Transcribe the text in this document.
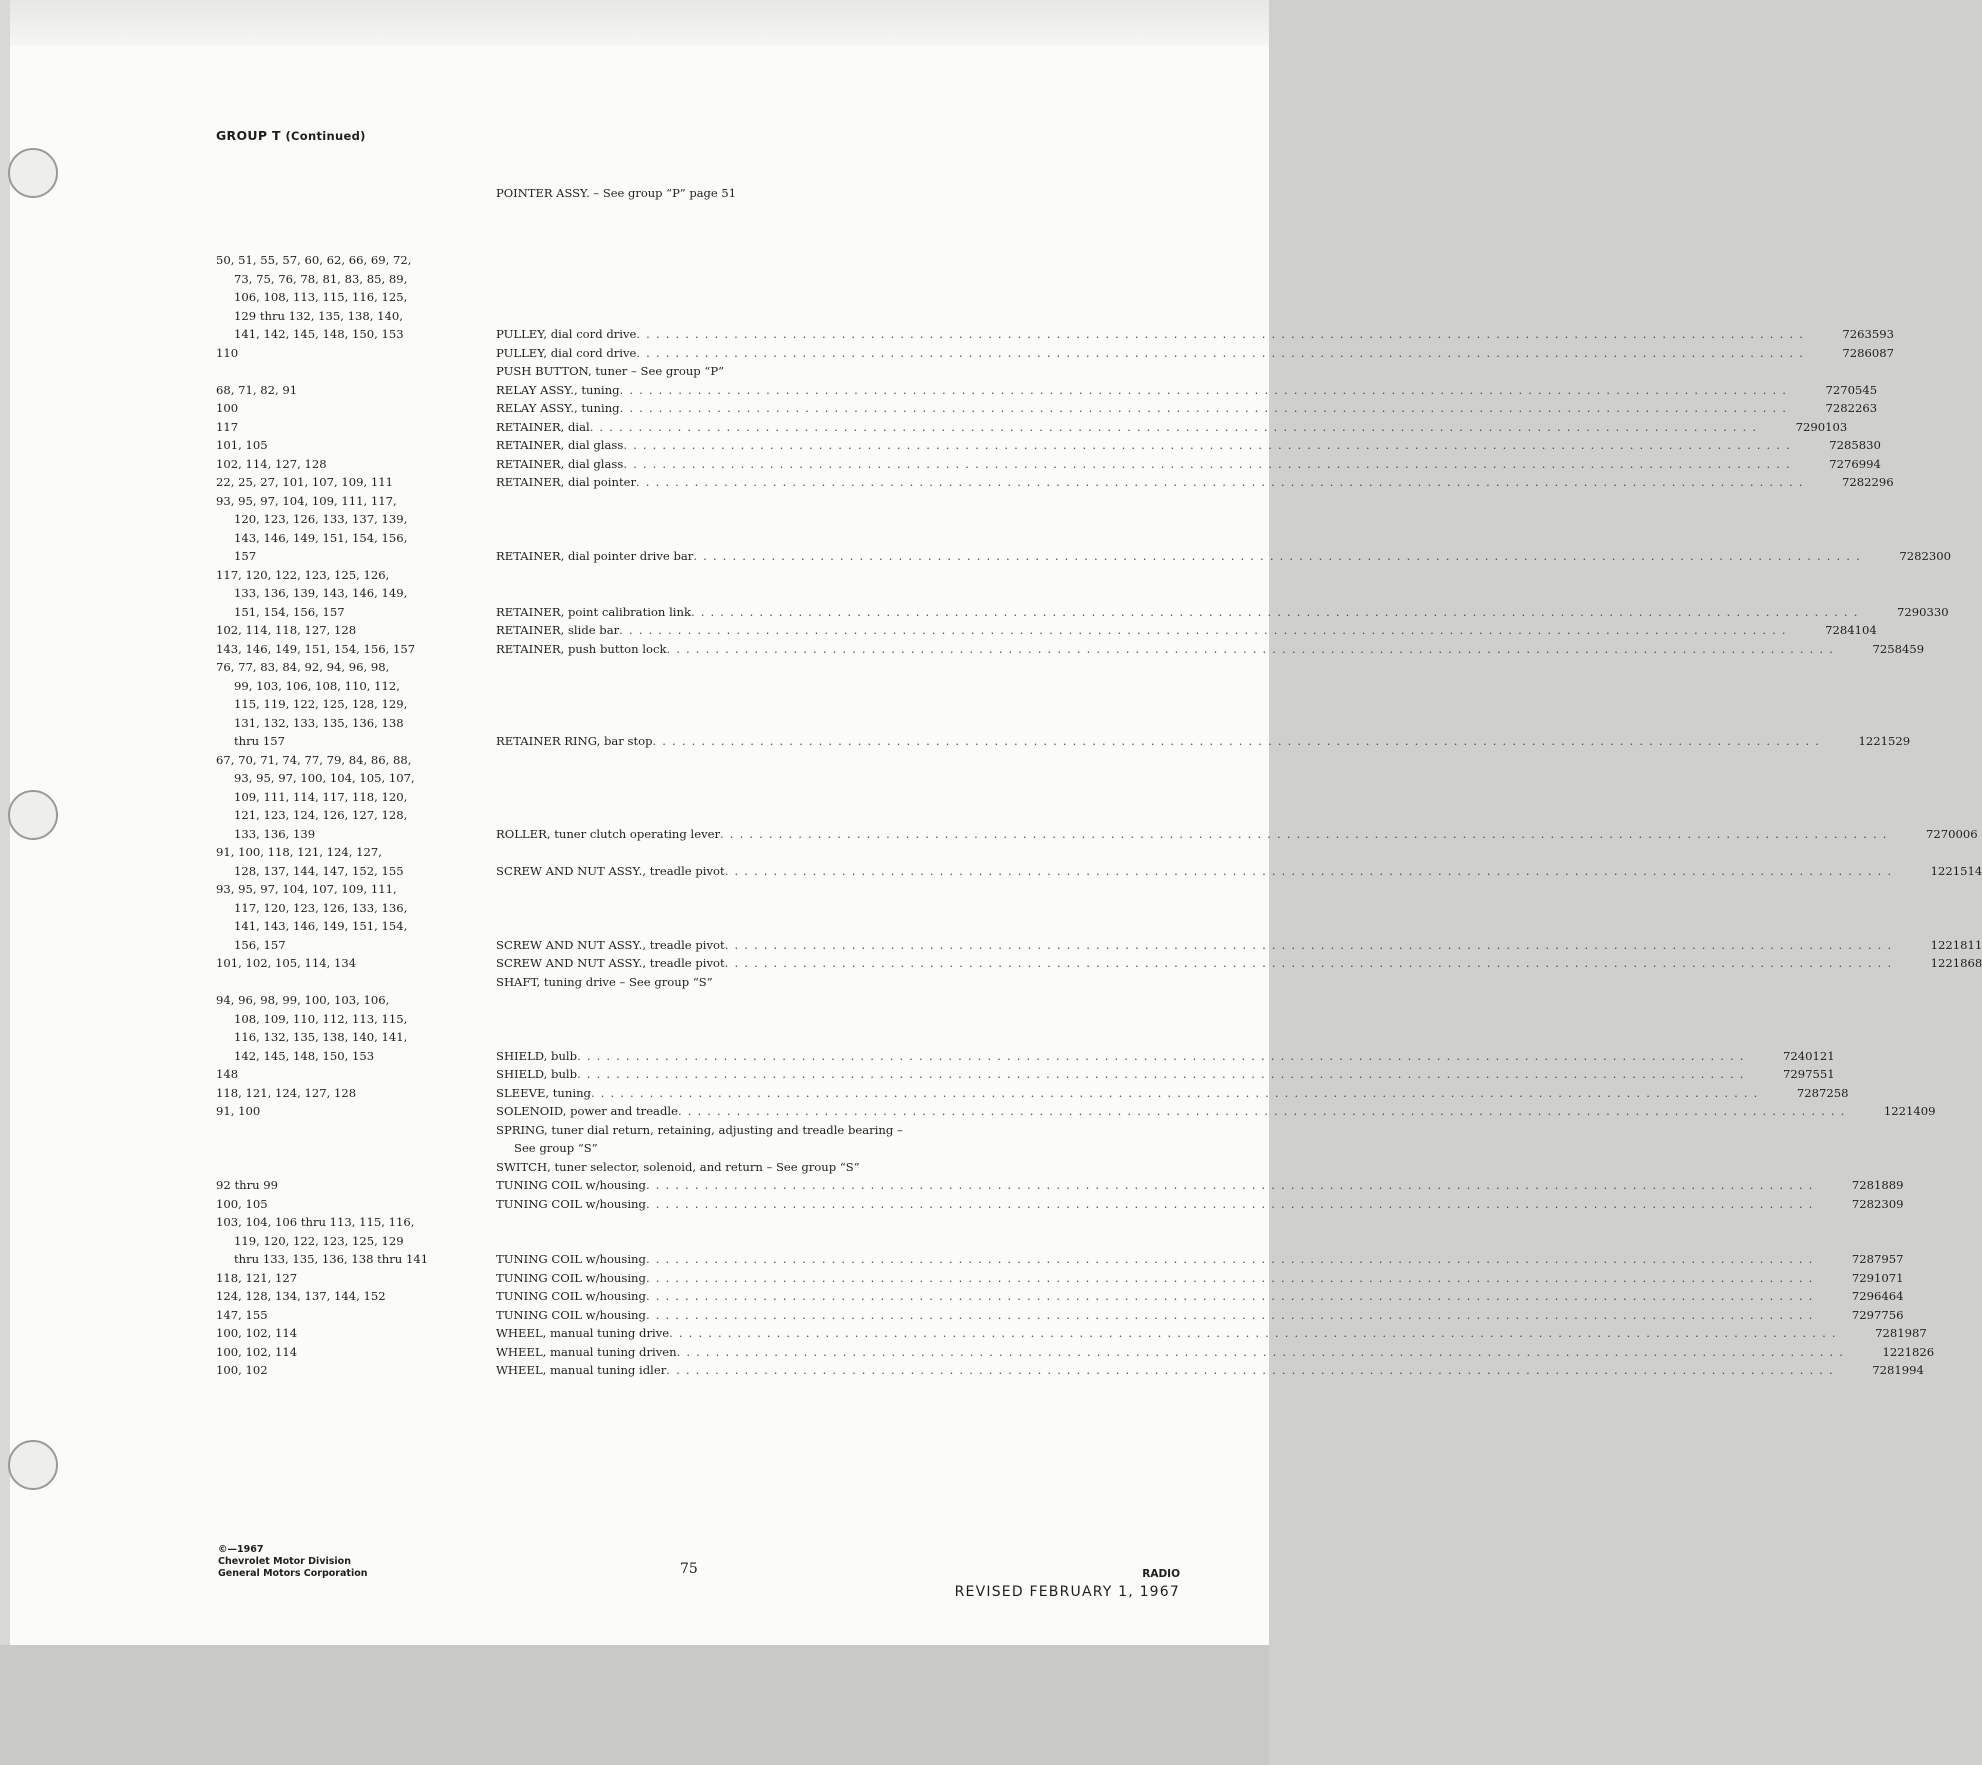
GROUP T (Continued)
POINTER ASSY. – See group “P” page 51
50, 51, 55, 57, 60, 62, 66, 69, 72,
73, 75, 76, 78, 81, 83, 85, 89,
106, 108, 113, 115, 116, 125,
129 thru 132, 135, 138, 140,
141, 142, 145, 148, 150, 153	PULLEY, dial cord drive . . . . . . . . . . . . . . . . . . . . . . . . . . . . . . . . . . . . . . . . . . . . . . . . . . . . . . . . . . . . . . . . . . . . . . . . . . . . . . . . . . . . . . . . . . . . . . . . . . . . . . . . . . . . . . . . . . . . . . . .	7263593
110	PULLEY, dial cord drive . . . . . . . . . . . . . . . . . . . . . . . . . . . . . . . . . . . . . . . . . . . . . . . . . . . . . . . . . . . . . . . . . . . . . . . . . . . . . . . . . . . . . . . . . . . . . . . . . . . . . . . . . . . . . . . . . . . . . . . .	7286087
PUSH BUTTON, tuner – See group “P”
68, 71, 82, 91	RELAY ASSY., tuning . . . . . . . . . . . . . . . . . . . . . . . . . . . . . . . . . . . . . . . . . . . . . . . . . . . . . . . . . . . . . . . . . . . . . . . . . . . . . . . . . . . . . . . . . . . . . . . . . . . . . . . . . . . . . . . . . . . . . . . .	7270545
100	RELAY ASSY., tuning . . . . . . . . . . . . . . . . . . . . . . . . . . . . . . . . . . . . . . . . . . . . . . . . . . . . . . . . . . . . . . . . . . . . . . . . . . . . . . . . . . . . . . . . . . . . . . . . . . . . . . . . . . . . . . . . . . . . . . . .	7282263
117	RETAINER, dial . . . . . . . . . . . . . . . . . . . . . . . . . . . . . . . . . . . . . . . . . . . . . . . . . . . . . . . . . . . . . . . . . . . . . . . . . . . . . . . . . . . . . . . . . . . . . . . . . . . . . . . . . . . . . . . . . . . . . . . .	7290103
101, 105	RETAINER, dial glass . . . . . . . . . . . . . . . . . . . . . . . . . . . . . . . . . . . . . . . . . . . . . . . . . . . . . . . . . . . . . . . . . . . . . . . . . . . . . . . . . . . . . . . . . . . . . . . . . . . . . . . . . . . . . . . . . . . . . . . .	7285830
102, 114, 127, 128	RETAINER, dial glass . . . . . . . . . . . . . . . . . . . . . . . . . . . . . . . . . . . . . . . . . . . . . . . . . . . . . . . . . . . . . . . . . . . . . . . . . . . . . . . . . . . . . . . . . . . . . . . . . . . . . . . . . . . . . . . . . . . . . . . .	7276994
22, 25, 27, 101, 107, 109, 111	RETAINER, dial pointer . . . . . . . . . . . . . . . . . . . . . . . . . . . . . . . . . . . . . . . . . . . . . . . . . . . . . . . . . . . . . . . . . . . . . . . . . . . . . . . . . . . . . . . . . . . . . . . . . . . . . . . . . . . . . . . . . . . . . . . .	7282296
93, 95, 97, 104, 109, 111, 117,
120, 123, 126, 133, 137, 139,
143, 146, 149, 151, 154, 156,
157	RETAINER, dial pointer drive bar . . . . . . . . . . . . . . . . . . . . . . . . . . . . . . . . . . . . . . . . . . . . . . . . . . . . . . . . . . . . . . . . . . . . . . . . . . . . . . . . . . . . . . . . . . . . . . . . . . . . . . . . . . . . . . . . . . . . . . . .	7282300
117, 120, 122, 123, 125, 126,
133, 136, 139, 143, 146, 149,
151, 154, 156, 157	RETAINER, point calibration link . . . . . . . . . . . . . . . . . . . . . . . . . . . . . . . . . . . . . . . . . . . . . . . . . . . . . . . . . . . . . . . . . . . . . . . . . . . . . . . . . . . . . . . . . . . . . . . . . . . . . . . . . . . . . . . . . . . . . . . .	7290330
102, 114, 118, 127, 128	RETAINER, slide bar . . . . . . . . . . . . . . . . . . . . . . . . . . . . . . . . . . . . . . . . . . . . . . . . . . . . . . . . . . . . . . . . . . . . . . . . . . . . . . . . . . . . . . . . . . . . . . . . . . . . . . . . . . . . . . . . . . . . . . . .	7284104
143, 146, 149, 151, 154, 156, 157	RETAINER, push button lock . . . . . . . . . . . . . . . . . . . . . . . . . . . . . . . . . . . . . . . . . . . . . . . . . . . . . . . . . . . . . . . . . . . . . . . . . . . . . . . . . . . . . . . . . . . . . . . . . . . . . . . . . . . . . . . . . . . . . . . .	7258459
76, 77, 83, 84, 92, 94, 96, 98,
99, 103, 106, 108, 110, 112,
115, 119, 122, 125, 128, 129,
131, 132, 133, 135, 136, 138
thru 157	RETAINER RING, bar stop . . . . . . . . . . . . . . . . . . . . . . . . . . . . . . . . . . . . . . . . . . . . . . . . . . . . . . . . . . . . . . . . . . . . . . . . . . . . . . . . . . . . . . . . . . . . . . . . . . . . . . . . . . . . . . . . . . . . . . . .	1221529
67, 70, 71, 74, 77, 79, 84, 86, 88,
93, 95, 97, 100, 104, 105, 107,
109, 111, 114, 117, 118, 120,
121, 123, 124, 126, 127, 128,
133, 136, 139	ROLLER, tuner clutch operating lever . . . . . . . . . . . . . . . . . . . . . . . . . . . . . . . . . . . . . . . . . . . . . . . . . . . . . . . . . . . . . . . . . . . . . . . . . . . . . . . . . . . . . . . . . . . . . . . . . . . . . . . . . . . . . . . . . . . . . . . .	7270006
91, 100, 118, 121, 124, 127,
128, 137, 144, 147, 152, 155	SCREW AND NUT ASSY., treadle pivot . . . . . . . . . . . . . . . . . . . . . . . . . . . . . . . . . . . . . . . . . . . . . . . . . . . . . . . . . . . . . . . . . . . . . . . . . . . . . . . . . . . . . . . . . . . . . . . . . . . . . . . . . . . . . . . . . . . . . . . .	1221514
93, 95, 97, 104, 107, 109, 111,
117, 120, 123, 126, 133, 136,
141, 143, 146, 149, 151, 154,
156, 157	SCREW AND NUT ASSY., treadle pivot . . . . . . . . . . . . . . . . . . . . . . . . . . . . . . . . . . . . . . . . . . . . . . . . . . . . . . . . . . . . . . . . . . . . . . . . . . . . . . . . . . . . . . . . . . . . . . . . . . . . . . . . . . . . . . . . . . . . . . . .	1221811
101, 102, 105, 114, 134	SCREW AND NUT ASSY., treadle pivot . . . . . . . . . . . . . . . . . . . . . . . . . . . . . . . . . . . . . . . . . . . . . . . . . . . . . . . . . . . . . . . . . . . . . . . . . . . . . . . . . . . . . . . . . . . . . . . . . . . . . . . . . . . . . . . . . . . . . . . .	1221868
SHAFT, tuning drive – See group “S”
94, 96, 98, 99, 100, 103, 106,
108, 109, 110, 112, 113, 115,
116, 132, 135, 138, 140, 141,
142, 145, 148, 150, 153	SHIELD, bulb . . . . . . . . . . . . . . . . . . . . . . . . . . . . . . . . . . . . . . . . . . . . . . . . . . . . . . . . . . . . . . . . . . . . . . . . . . . . . . . . . . . . . . . . . . . . . . . . . . . . . . . . . . . . . . . . . . . . . . . .	7240121
148	SHIELD, bulb . . . . . . . . . . . . . . . . . . . . . . . . . . . . . . . . . . . . . . . . . . . . . . . . . . . . . . . . . . . . . . . . . . . . . . . . . . . . . . . . . . . . . . . . . . . . . . . . . . . . . . . . . . . . . . . . . . . . . . . .	7297551
118, 121, 124, 127, 128	SLEEVE, tuning . . . . . . . . . . . . . . . . . . . . . . . . . . . . . . . . . . . . . . . . . . . . . . . . . . . . . . . . . . . . . . . . . . . . . . . . . . . . . . . . . . . . . . . . . . . . . . . . . . . . . . . . . . . . . . . . . . . . . . . .	7287258
91, 100	SOLENOID, power and treadle . . . . . . . . . . . . . . . . . . . . . . . . . . . . . . . . . . . . . . . . . . . . . . . . . . . . . . . . . . . . . . . . . . . . . . . . . . . . . . . . . . . . . . . . . . . . . . . . . . . . . . . . . . . . . . . . . . . . . . . .	1221409
SPRING, tuner dial return, retaining, adjusting and treadle bearing –
See group “S”
SWITCH, tuner selector, solenoid, and return – See group “S”
92 thru 99	TUNING COIL w/housing . . . . . . . . . . . . . . . . . . . . . . . . . . . . . . . . . . . . . . . . . . . . . . . . . . . . . . . . . . . . . . . . . . . . . . . . . . . . . . . . . . . . . . . . . . . . . . . . . . . . . . . . . . . . . . . . . . . . . . . .	7281889
100, 105	TUNING COIL w/housing . . . . . . . . . . . . . . . . . . . . . . . . . . . . . . . . . . . . . . . . . . . . . . . . . . . . . . . . . . . . . . . . . . . . . . . . . . . . . . . . . . . . . . . . . . . . . . . . . . . . . . . . . . . . . . . . . . . . . . . .	7282309
103, 104, 106 thru 113, 115, 116,
119, 120, 122, 123, 125, 129
thru 133, 135, 136, 138 thru 141	TUNING COIL w/housing . . . . . . . . . . . . . . . . . . . . . . . . . . . . . . . . . . . . . . . . . . . . . . . . . . . . . . . . . . . . . . . . . . . . . . . . . . . . . . . . . . . . . . . . . . . . . . . . . . . . . . . . . . . . . . . . . . . . . . . .	7287957
118, 121, 127	TUNING COIL w/housing . . . . . . . . . . . . . . . . . . . . . . . . . . . . . . . . . . . . . . . . . . . . . . . . . . . . . . . . . . . . . . . . . . . . . . . . . . . . . . . . . . . . . . . . . . . . . . . . . . . . . . . . . . . . . . . . . . . . . . . .	7291071
124, 128, 134, 137, 144, 152	TUNING COIL w/housing . . . . . . . . . . . . . . . . . . . . . . . . . . . . . . . . . . . . . . . . . . . . . . . . . . . . . . . . . . . . . . . . . . . . . . . . . . . . . . . . . . . . . . . . . . . . . . . . . . . . . . . . . . . . . . . . . . . . . . . .	7296464
147, 155	TUNING COIL w/housing . . . . . . . . . . . . . . . . . . . . . . . . . . . . . . . . . . . . . . . . . . . . . . . . . . . . . . . . . . . . . . . . . . . . . . . . . . . . . . . . . . . . . . . . . . . . . . . . . . . . . . . . . . . . . . . . . . . . . . . .	7297756
100, 102, 114	WHEEL, manual tuning drive . . . . . . . . . . . . . . . . . . . . . . . . . . . . . . . . . . . . . . . . . . . . . . . . . . . . . . . . . . . . . . . . . . . . . . . . . . . . . . . . . . . . . . . . . . . . . . . . . . . . . . . . . . . . . . . . . . . . . . . .	7281987
100, 102, 114	WHEEL, manual tuning driven . . . . . . . . . . . . . . . . . . . . . . . . . . . . . . . . . . . . . . . . . . . . . . . . . . . . . . . . . . . . . . . . . . . . . . . . . . . . . . . . . . . . . . . . . . . . . . . . . . . . . . . . . . . . . . . . . . . . . . . .	1221826
100, 102	WHEEL, manual tuning idler . . . . . . . . . . . . . . . . . . . . . . . . . . . . . . . . . . . . . . . . . . . . . . . . . . . . . . . . . . . . . . . . . . . . . . . . . . . . . . . . . . . . . . . . . . . . . . . . . . . . . . . . . . . . . . . . . . . . . . . .	7281994
©—1967
Chevrolet Motor Division
General Motors Corporation	75	RADIO
REVISED FEBRUARY 1, 1967
